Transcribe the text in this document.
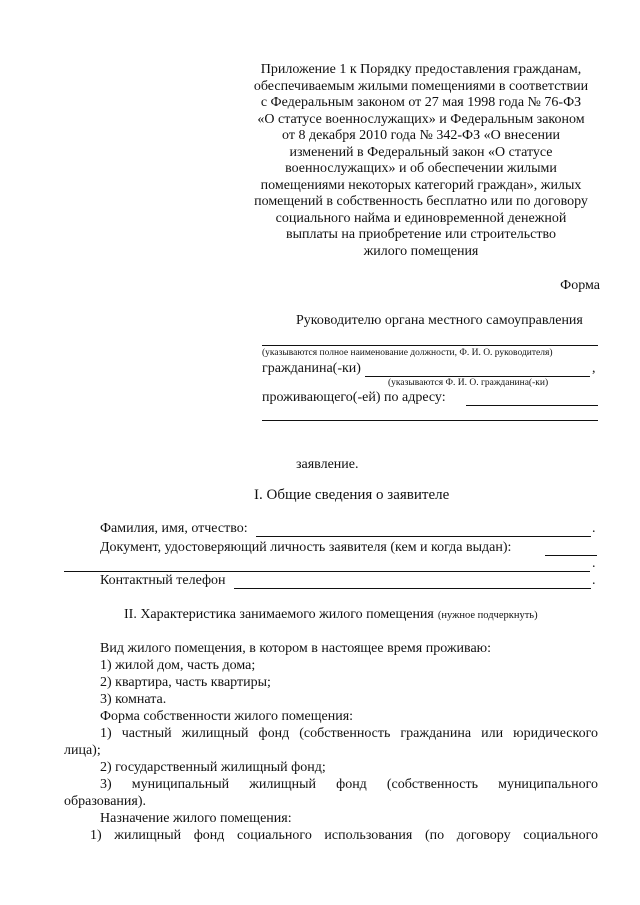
Приложение 1 к Порядку предоставления гражданам,
обеспечиваемым жилыми помещениями в соответствии
с Федеральным законом от 27 мая 1998 года № 76-ФЗ
«О статусе военнослужащих» и Федеральным законом
от 8 декабря 2010 года № 342-ФЗ «О внесении
изменений в Федеральный закон «О статусе
военнослужащих» и об обеспечении жилыми
помещениями некоторых категорий граждан», жилых
помещений в собственность бесплатно или по договору
социального найма и единовременной денежной
выплаты на приобретение или строительство
жилого помещения
Форма
Руководителю органа местного самоуправления
(указываются полное наименование должности, Ф. И. О. руководителя)
гражданина(-ки)	,
(указываются Ф. И. О. гражданина(-ки)
проживающего(-ей) по адресу:
заявление.
I. Общие сведения о заявителе
Фамилия, имя, отчество:	.
Документ, удостоверяющий личность заявителя (кем и когда выдан):
.
Контактный телефон	.
II. Характеристика занимаемого жилого помещения (нужное подчеркнуть)
Вид жилого помещения, в котором в настоящее время проживаю:
1) жилой дом, часть дома;
2) квартира, часть квартиры;
3) комната.
Форма собственности жилого помещения:
1) частный жилищный фонд (собственность гражданина или юридического
лица);
2) государственный жилищный фонд;
3) муниципальный жилищный фонд (собственность муниципального
образования).
Назначение жилого помещения:
1) жилищный фонд социального использования (по договору социального
